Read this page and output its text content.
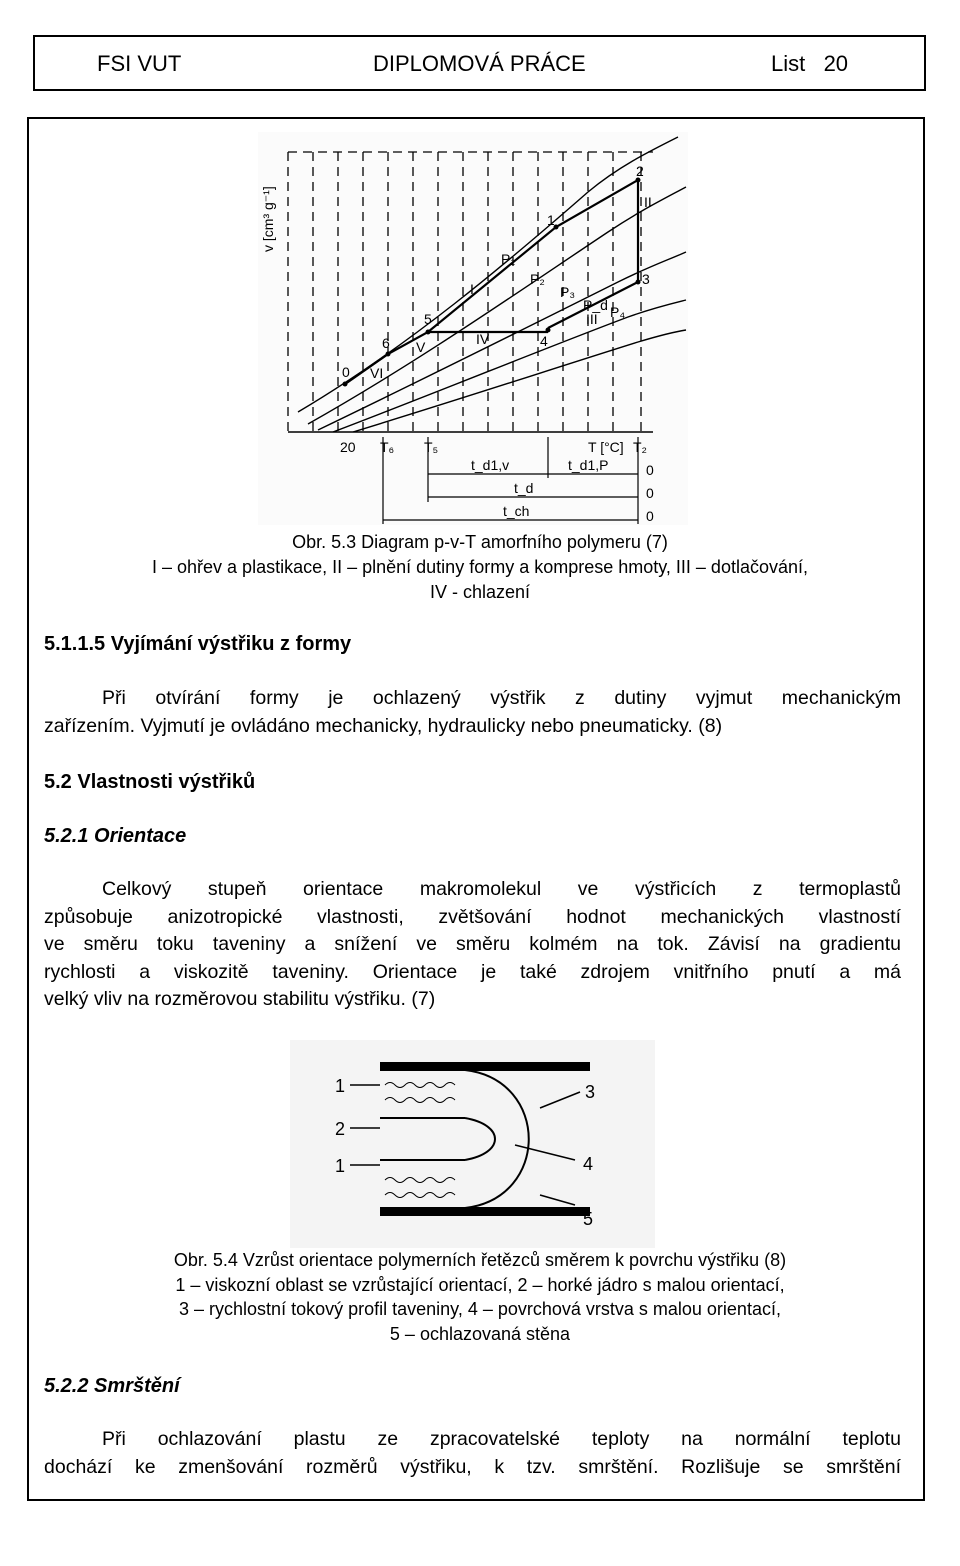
FSI VUT	DIPLOMOVÁ PRÁCE	List   20
v [cm³ g⁻¹]
0
6
5
4
3
1
2
P₁
P₂
P₃
P_d P₄
I
II
III
IV
V
VI
20 T₆ T₅	T [°C] T₂
t_d1,v	t_d1,P
t_d
t_ch
0
0
0
Obr. 5.3 Diagram p-v-T amorfního polymeru (7)
I – ohřev a plastikace, II – plnění dutiny formy a komprese hmoty, III – dotlačování,
IV - chlazení
5.1.1.5 Vyjímání výstřiku z formy
Při otvírání formy je ochlazený výstřik z dutiny vyjmut mechanickým
zařízením. Vyjmutí je ovládáno mechanicky, hydraulicky nebo pneumaticky. (8)
5.2 Vlastnosti výstřiků
5.2.1 Orientace
Celkový stupeň orientace makromolekul ve výstřicích z termoplastů
způsobuje anizotropické vlastnosti, zvětšování hodnot mechanických vlastností
ve směru toku taveniny a snížení ve směru kolmém na tok. Závisí na gradientu
rychlosti a viskozitě taveniny. Orientace je také zdrojem vnitřního pnutí a má
velký vliv na rozměrovou stabilitu výstřiku. (7)
1
2
1
3
4
5
Obr. 5.4 Vzrůst orientace polymerních řetězců směrem k povrchu výstřiku (8)
1 – viskozní oblast se vzrůstající orientací, 2 – horké jádro s malou orientací,
3 – rychlostní tokový profil taveniny, 4 – povrchová vrstva s malou orientací,
5 – ochlazovaná stěna
5.2.2 Smrštění
Při ochlazování plastu ze zpracovatelské teploty na normální teplotu
dochází ke zmenšování rozměrů výstřiku, k tzv. smrštění. Rozlišuje se smrštění
